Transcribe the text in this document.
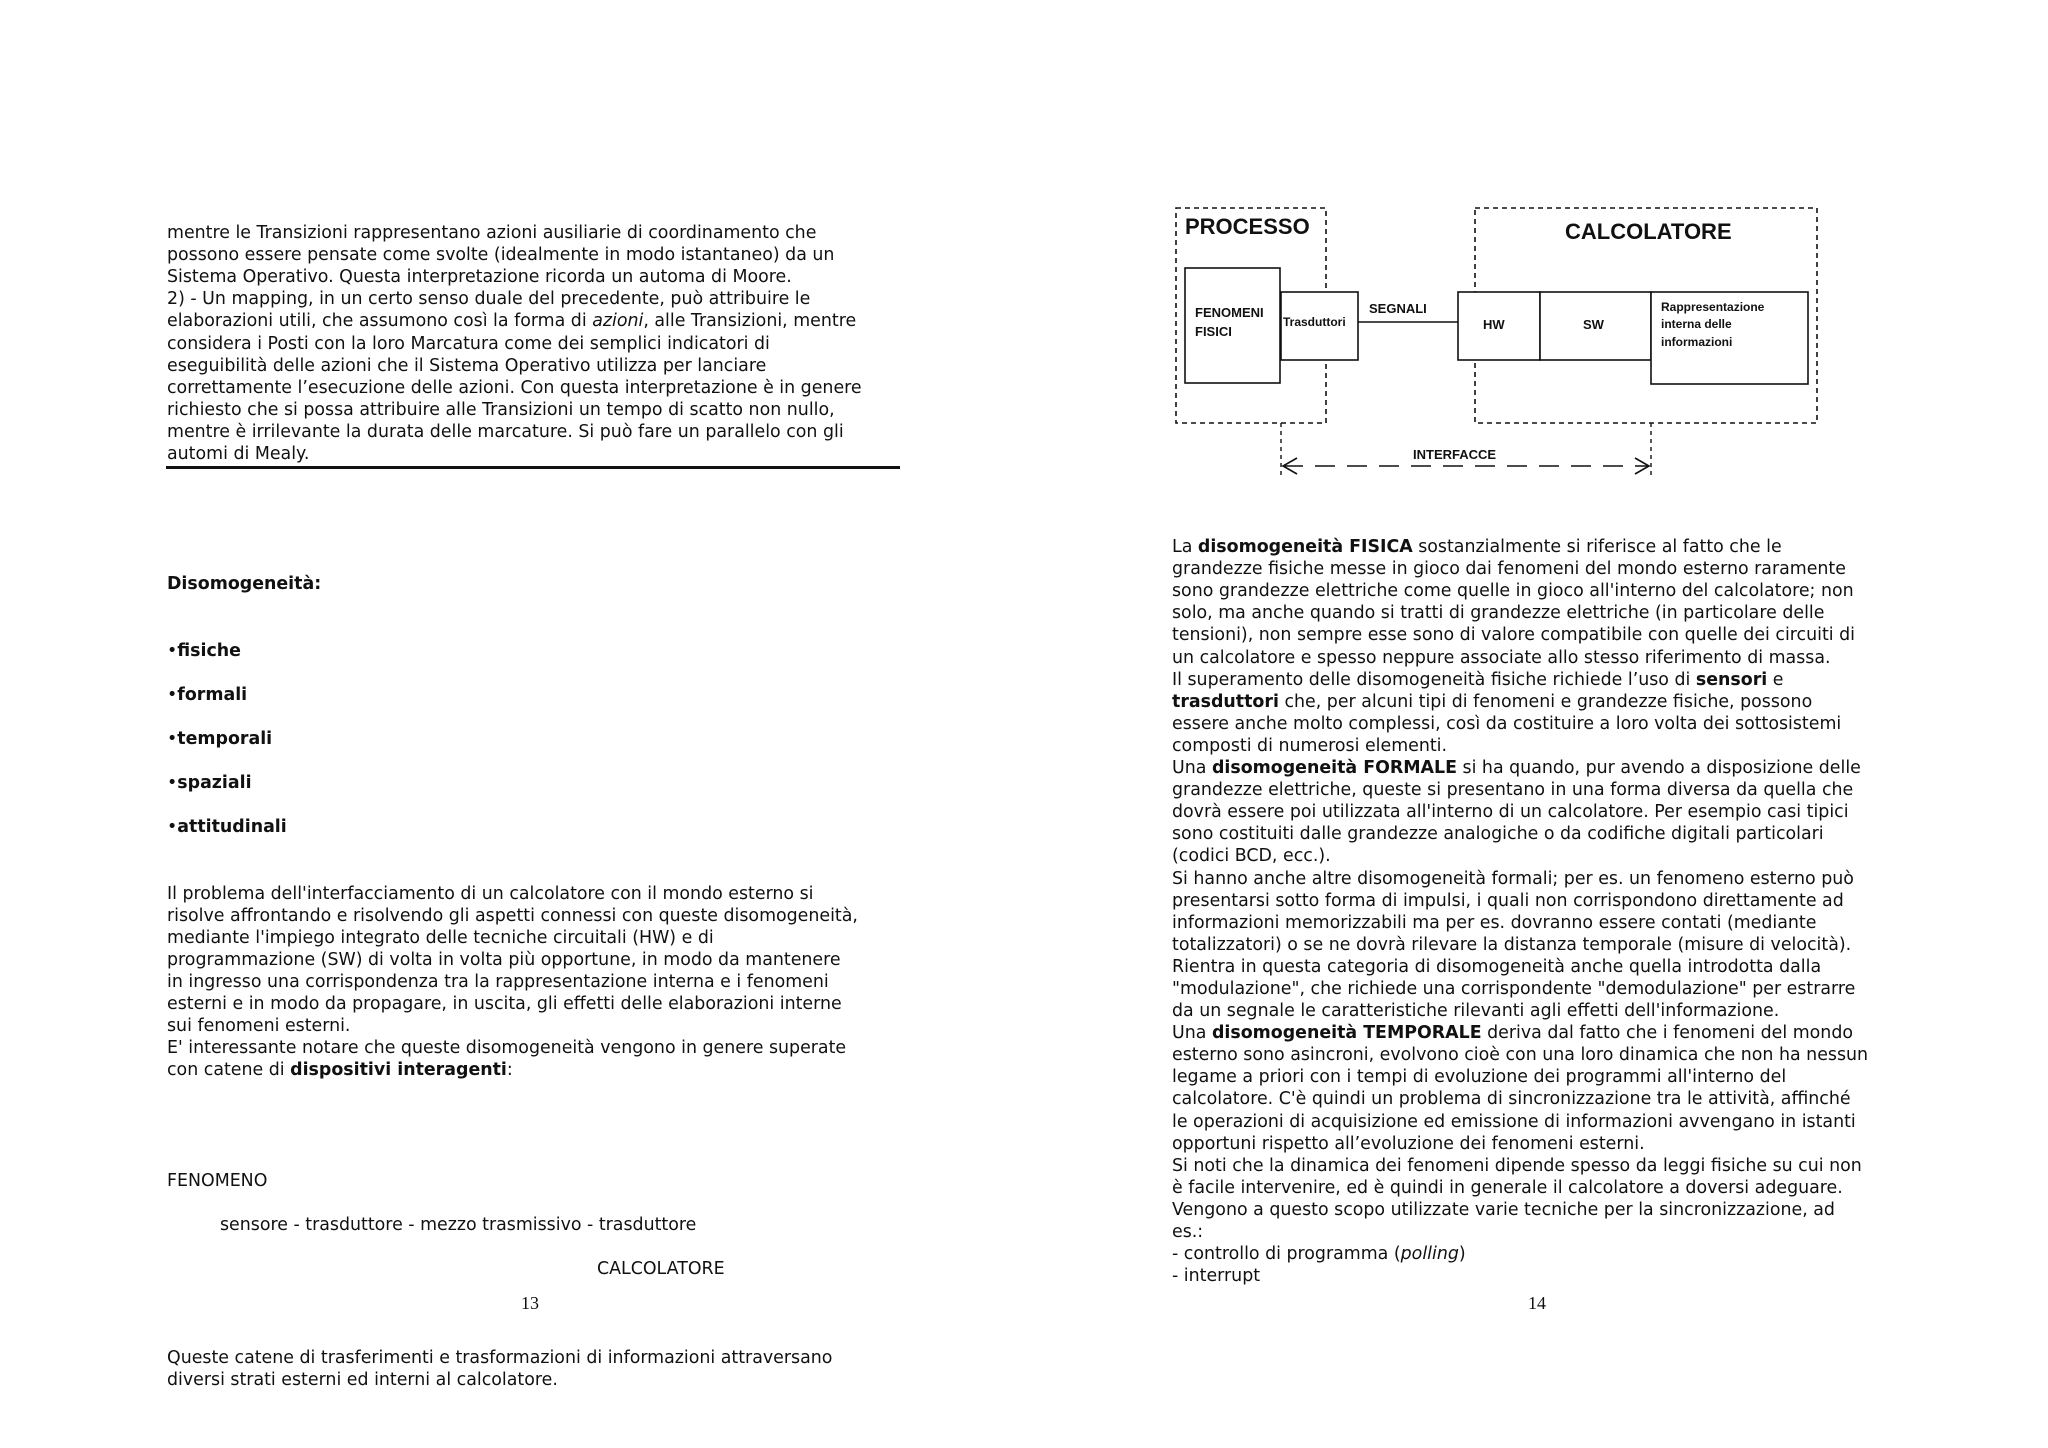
mentre le Transizioni rappresentano azioni ausiliarie di coordinamento che
possono essere pensate come svolte (idealmente in modo istantaneo) da un
Sistema Operativo. Questa interpretazione ricorda un automa di Moore.
2) - Un mapping, in un certo senso duale del precedente, può attribuire le
elaborazioni utili, che assumono così la forma di azioni, alle Transizioni, mentre
considera i Posti con la loro Marcatura come dei semplici indicatori di
eseguibilità delle azioni che il Sistema Operativo utilizza per lanciare
correttamente l’esecuzione delle azioni. Con questa interpretazione è in genere
richiesto che si possa attribuire alle Transizioni un tempo di scatto non nullo,
mentre è irrilevante la durata delle marcature. Si può fare un parallelo con gli
automi di Mealy.

Disomogeneità:

• fisiche

• formali

• temporali

• spaziali

• attitudinali

Il problema dell'interfacciamento di un calcolatore con il mondo esterno si
risolve affrontando e risolvendo gli aspetti connessi con queste disomogeneità,
mediante l'impiego integrato delle tecniche circuitali (HW) e di
programmazione (SW) di volta in volta più opportune, in modo da mantenere
in ingresso una corrispondenza tra la rappresentazione interna e i fenomeni
esterni e in modo da propagare, in uscita, gli effetti delle elaborazioni interne
sui fenomeni esterni.
E' interessante notare che queste disomogeneità vengono in genere superate
con catene di dispositivi interagenti:

FENOMENO

sensore - trasduttore - mezzo trasmissivo - trasduttore

CALCOLATORE

Queste catene di trasferimenti e trasformazioni di informazioni attraversano
diversi strati esterni ed interni al calcolatore.

13
PROCESSO	CALCOLATORE
FENOMENI
FISICI
Trasduttori
SEGNALI
HW	SW
Rappresentazione
interna delle
informazioni
INTERFACCE

La disomogeneità FISICA sostanzialmente si riferisce al fatto che le
grandezze fisiche messe in gioco dai fenomeni del mondo esterno raramente
sono grandezze elettriche come quelle in gioco all'interno del calcolatore; non
solo, ma anche quando si tratti di grandezze elettriche (in particolare delle
tensioni), non sempre esse sono di valore compatibile con quelle dei circuiti di
un calcolatore e spesso neppure associate allo stesso riferimento di massa.
Il superamento delle disomogeneità fisiche richiede l’uso di sensori e
trasduttori che, per alcuni tipi di fenomeni e grandezze fisiche, possono
essere anche molto complessi, così da costituire a loro volta dei sottosistemi
composti di numerosi elementi.
Una disomogeneità FORMALE si ha quando, pur avendo a disposizione delle
grandezze elettriche, queste si presentano in una forma diversa da quella che
dovrà essere poi utilizzata all'interno di un calcolatore. Per esempio casi tipici
sono costituiti dalle grandezze analogiche o da codifiche digitali particolari
(codici BCD, ecc.).
Si hanno anche altre disomogeneità formali; per es. un fenomeno esterno può
presentarsi sotto forma di impulsi, i quali non corrispondono direttamente ad
informazioni memorizzabili ma per es. dovranno essere contati (mediante
totalizzatori) o se ne dovrà rilevare la distanza temporale (misure di velocità).
Rientra in questa categoria di disomogeneità anche quella introdotta dalla
"modulazione", che richiede una corrispondente "demodulazione" per estrarre
da un segnale le caratteristiche rilevanti agli effetti dell'informazione.
Una disomogeneità TEMPORALE deriva dal fatto che i fenomeni del mondo
esterno sono asincroni, evolvono cioè con una loro dinamica che non ha nessun
legame a priori con i tempi di evoluzione dei programmi all'interno del
calcolatore. C'è quindi un problema di sincronizzazione tra le attività, affinché
le operazioni di acquisizione ed emissione di informazioni avvengano in istanti
opportuni rispetto all’evoluzione dei fenomeni esterni.
Si noti che la dinamica dei fenomeni dipende spesso da leggi fisiche su cui non
è facile intervenire, ed è quindi in generale il calcolatore a doversi adeguare.
Vengono a questo scopo utilizzate varie tecniche per la sincronizzazione, ad
es.:
- controllo di programma (polling)
- interrupt

14
